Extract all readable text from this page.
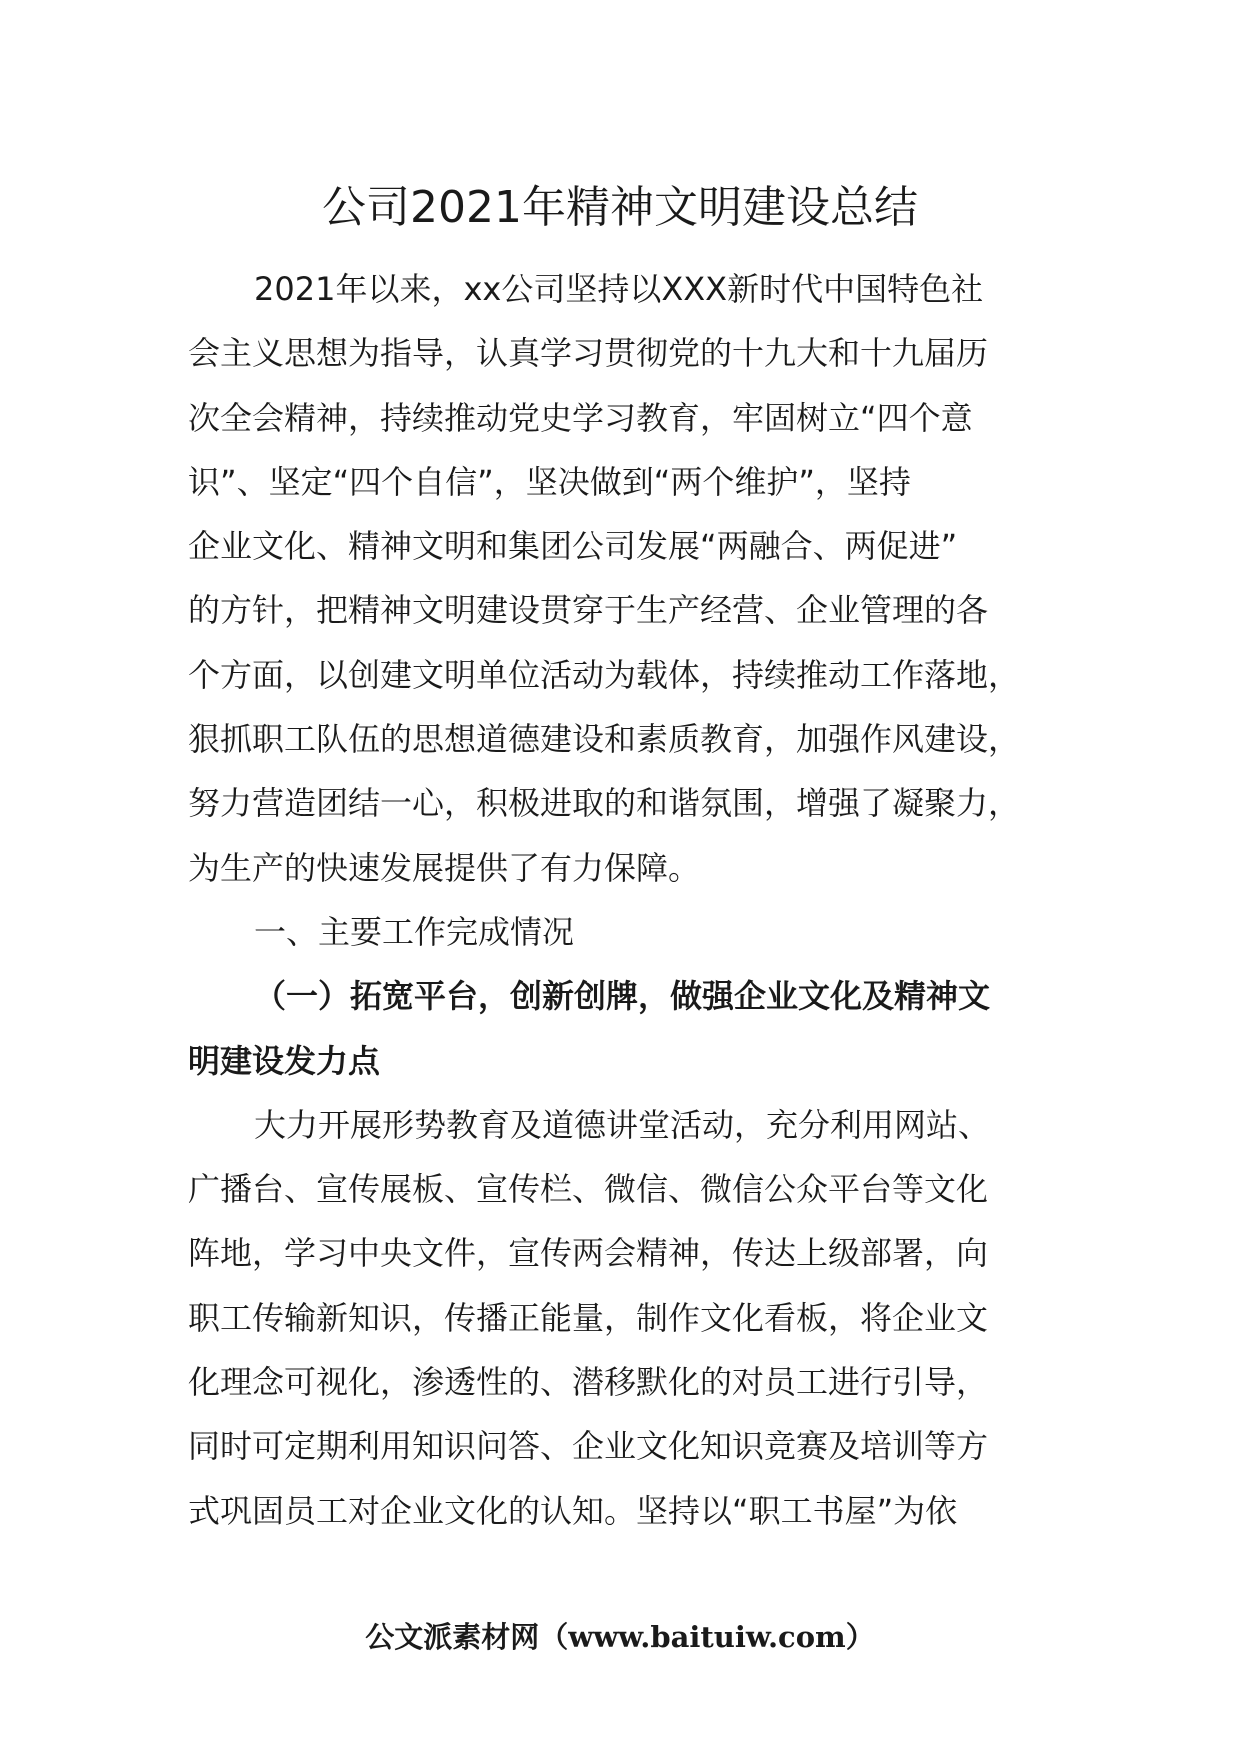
公司2021年精神文明建设总结
2021年以来，xx公司坚持以XXX新时代中国特色社
会主义思想为指导，认真学习贯彻党的十九大和十九届历
次全会精神，持续推动党史学习教育，牢固树立“四个意
识”、坚定“四个自信”，坚决做到“两个维护”，坚持
企业文化、精神文明和集团公司发展“两融合、两促进”
的方针，把精神文明建设贯穿于生产经营、企业管理的各
个方面，以创建文明单位活动为载体，持续推动工作落地，
狠抓职工队伍的思想道德建设和素质教育，加强作风建设，
努力营造团结一心，积极进取的和谐氛围，增强了凝聚力，
为生产的快速发展提供了有力保障。
一、主要工作完成情况
（一）拓宽平台，创新创牌，做强企业文化及精神文
明建设发力点
大力开展形势教育及道德讲堂活动，充分利用网站、
广播台、宣传展板、宣传栏、微信、微信公众平台等文化
阵地，学习中央文件，宣传两会精神，传达上级部署，向
职工传输新知识，传播正能量，制作文化看板，将企业文
化理念可视化，渗透性的、潜移默化的对员工进行引导，
同时可定期利用知识问答、企业文化知识竞赛及培训等方
式巩固员工对企业文化的认知。坚持以“职工书屋”为依
公文派素材网（www.baituiw.com）
